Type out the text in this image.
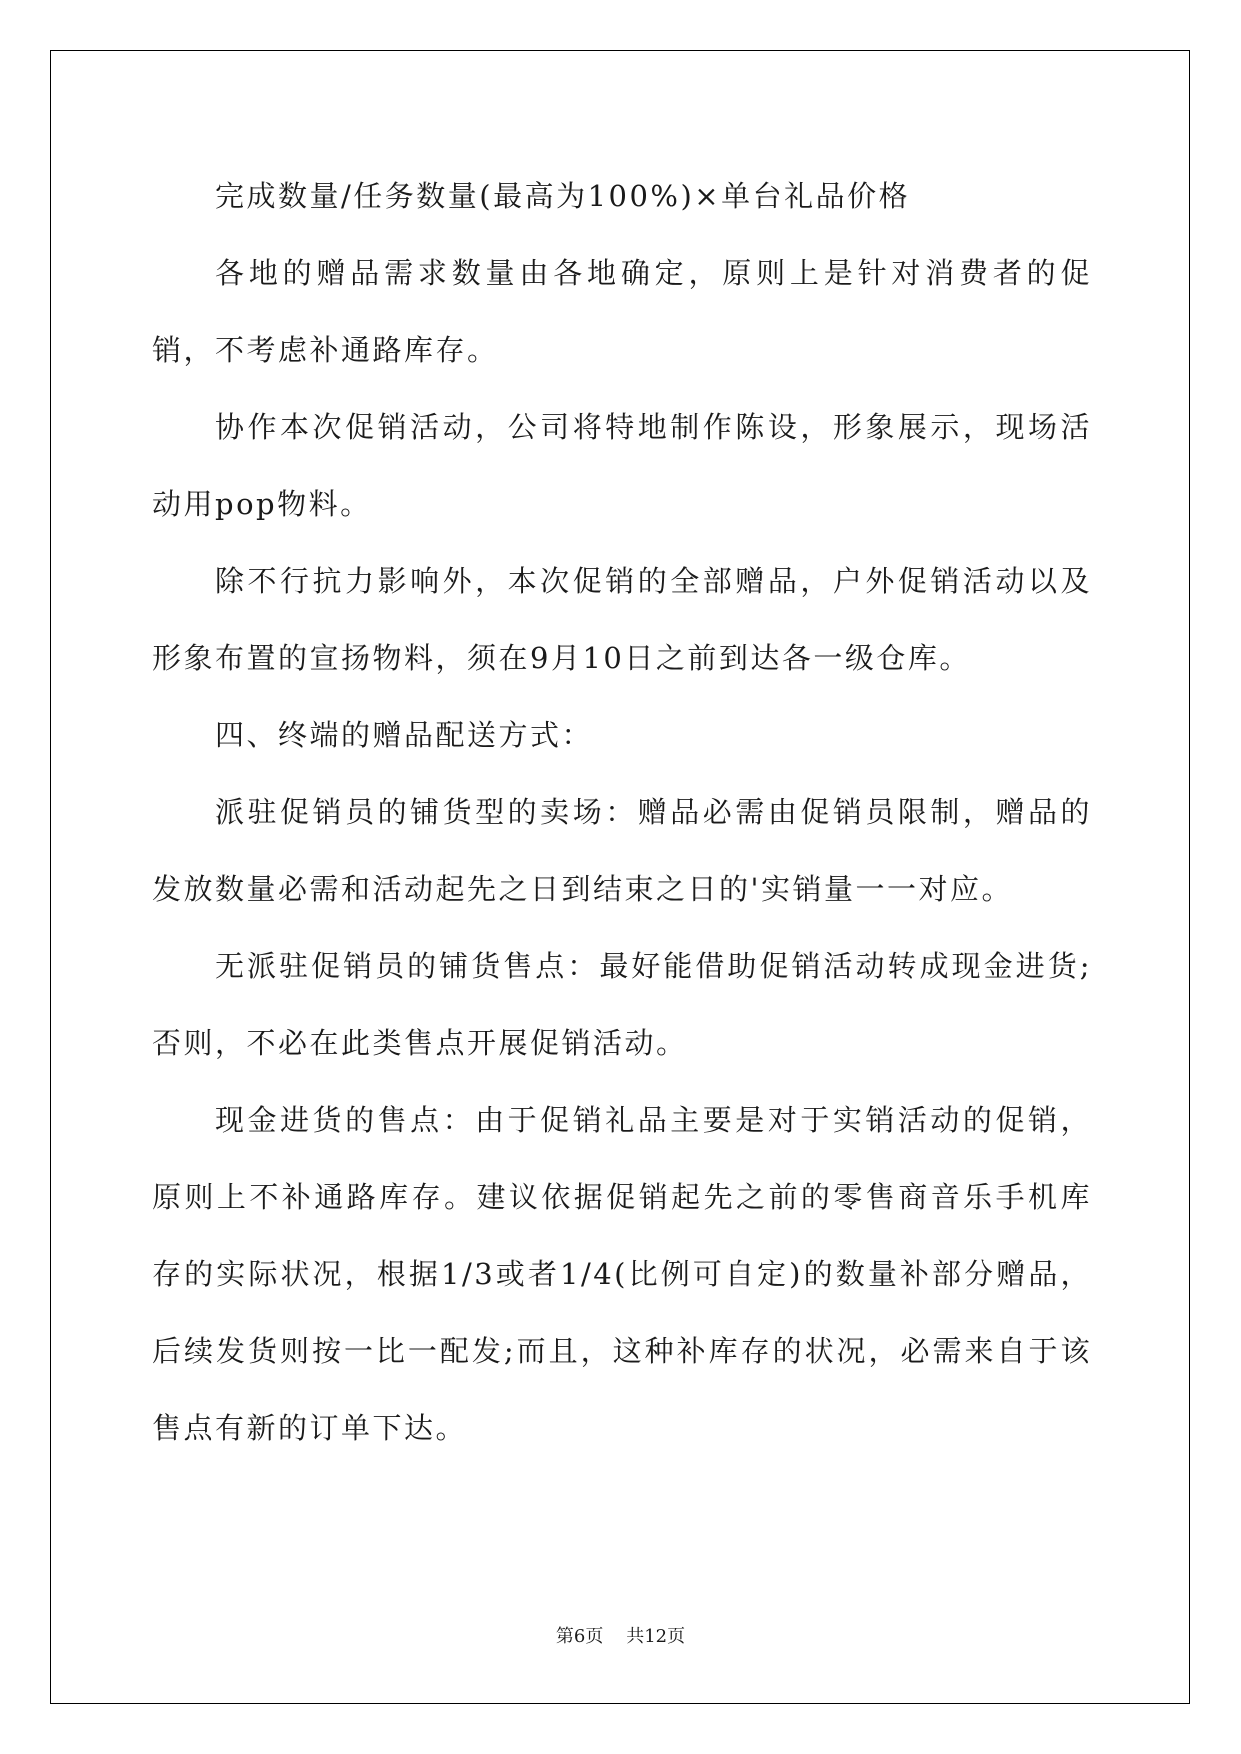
完成数量/任务数量(最高为100%)×单台礼品价格

各地的赠品需求数量由各地确定，原则上是针对消费者的促销，不考虑补通路库存。

协作本次促销活动，公司将特地制作陈设，形象展示，现场活动用pop物料。

除不行抗力影响外，本次促销的全部赠品，户外促销活动以及形象布置的宣扬物料，须在9月10日之前到达各一级仓库。

四、终端的赠品配送方式：

派驻促销员的铺货型的卖场：赠品必需由促销员限制，赠品的发放数量必需和活动起先之日到结束之日的'实销量一一对应。

无派驻促销员的铺货售点：最好能借助促销活动转成现金进货;否则，不必在此类售点开展促销活动。

现金进货的售点：由于促销礼品主要是对于实销活动的促销，原则上不补通路库存。建议依据促销起先之前的零售商音乐手机库存的实际状况，根据1/3或者1/4(比例可自定)的数量补部分赠品，后续发货则按一比一配发;而且，这种补库存的状况，必需来自于该售点有新的订单下达。

第6页 共12页
